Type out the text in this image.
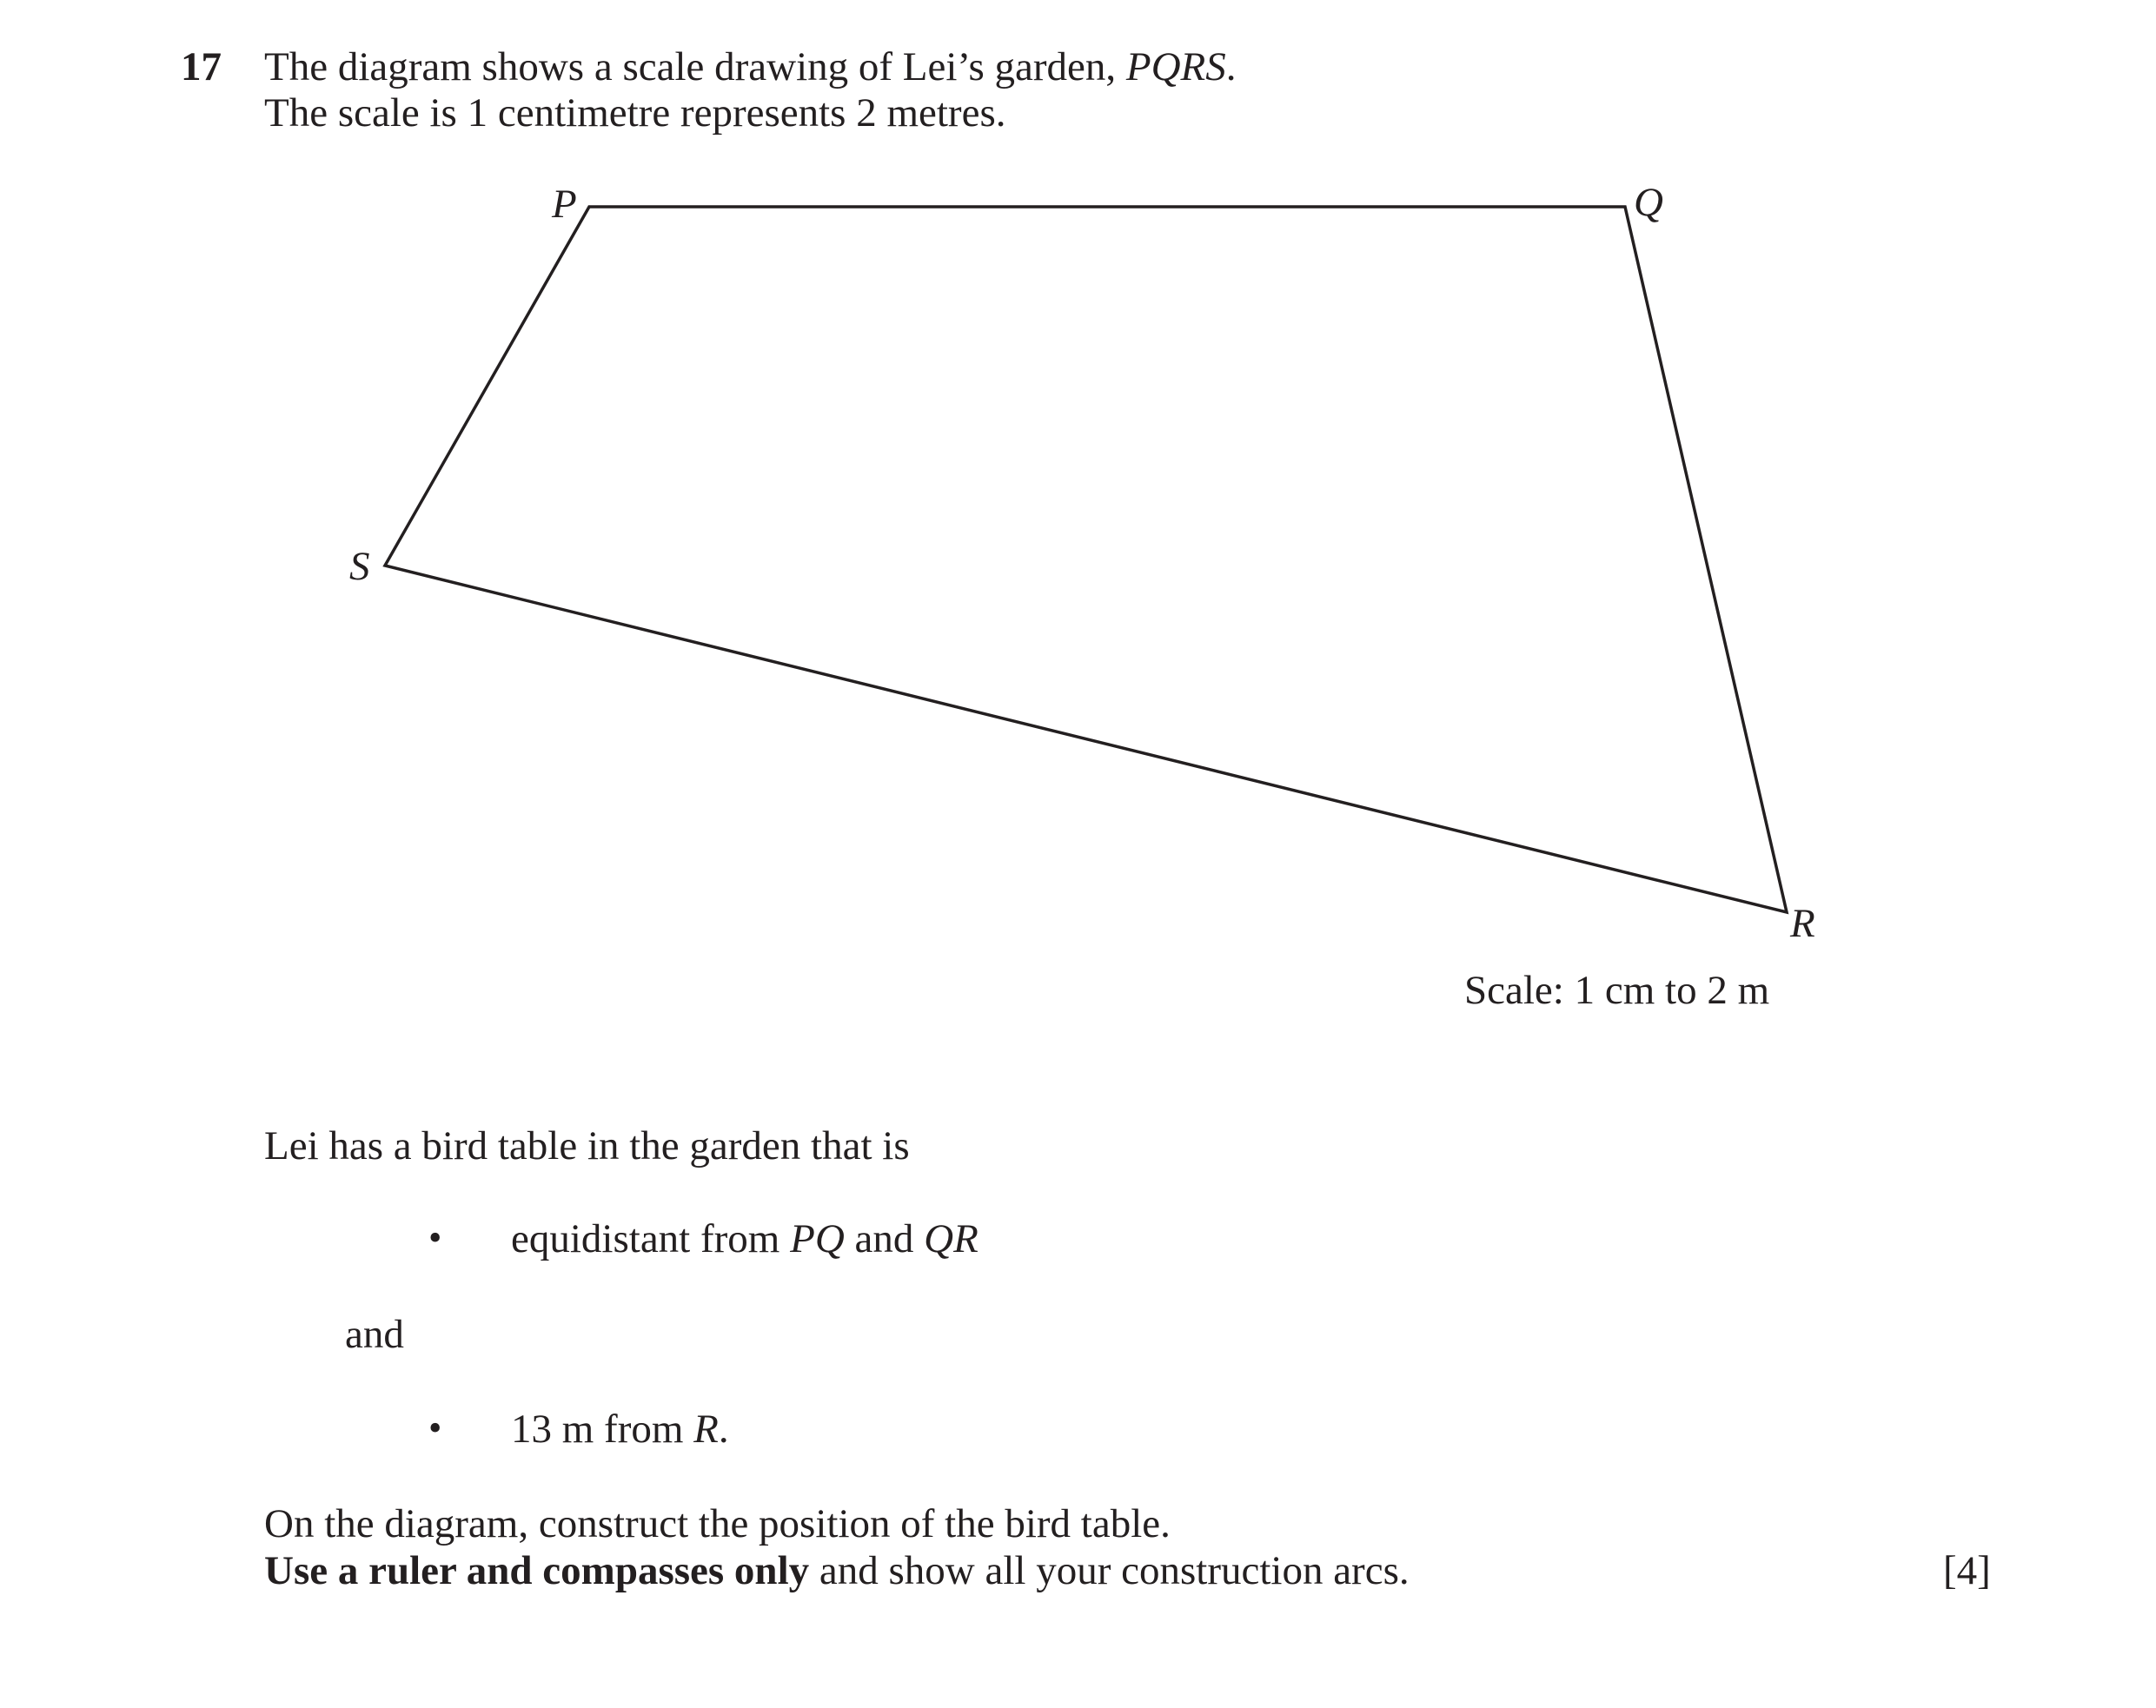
17 The diagram shows a scale drawing of Lei’s garden, PQRS.
The scale is 1 centimetre represents 2 metres.
P	Q
R
S
Scale: 1 cm to 2 m
Lei has a bird table in the garden that is
• equidistant from PQ and QR
and
• 13 m from R.
On the diagram, construct the position of the bird table.
Use a ruler and compasses only and show all your construction arcs.	[4]
